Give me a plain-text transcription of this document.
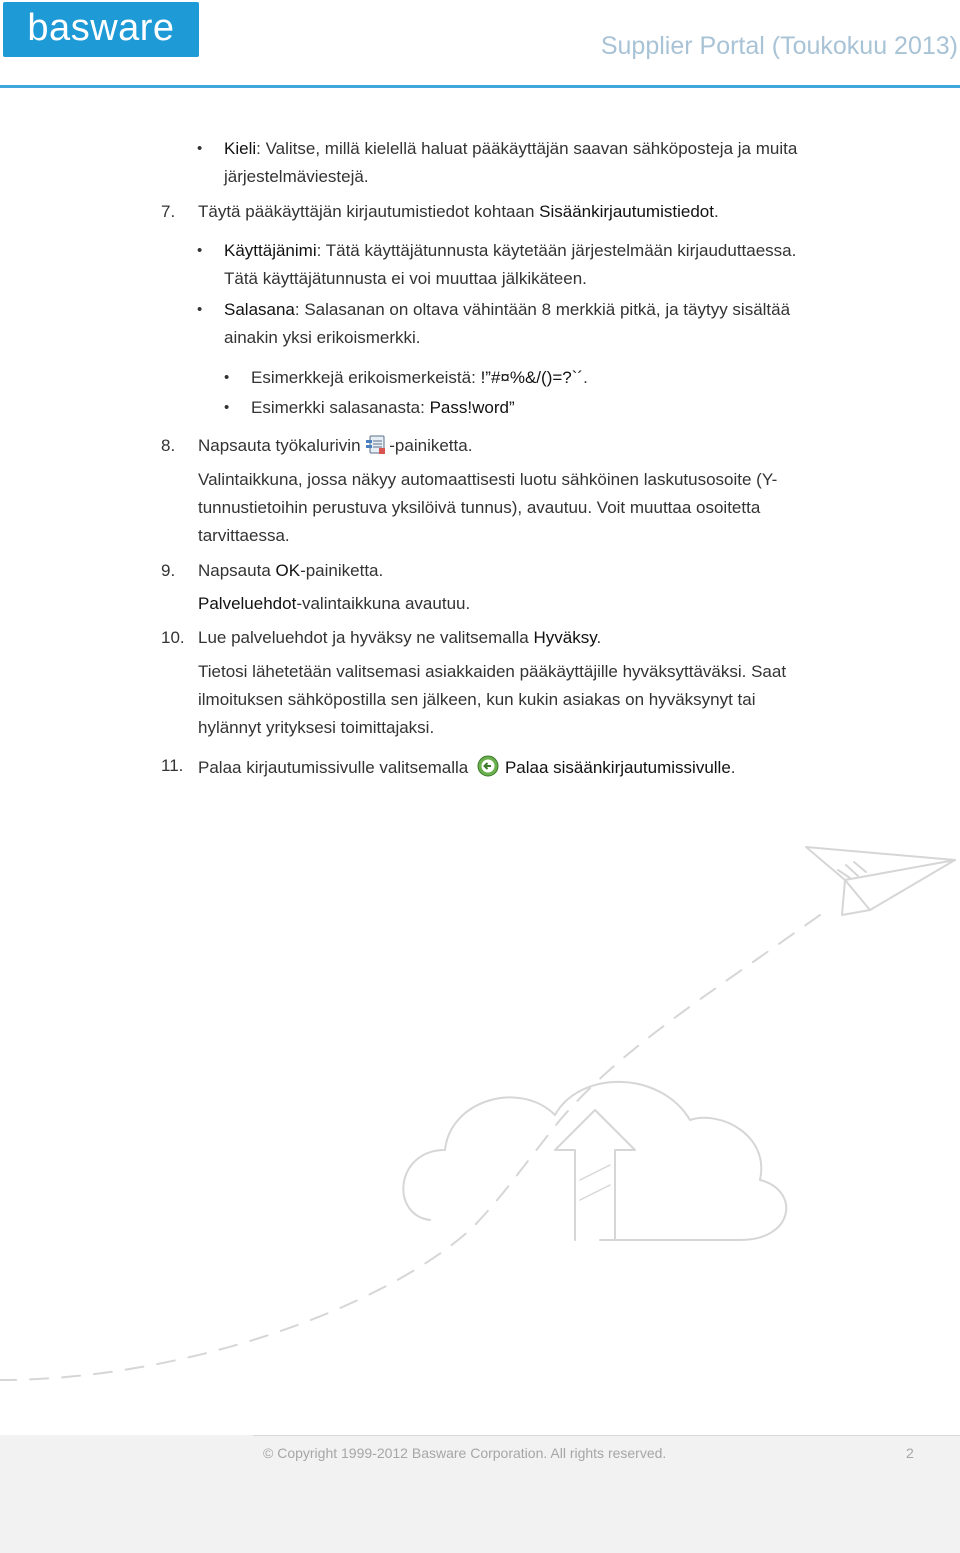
basware	Supplier Portal (Toukokuu 2013)
• Kieli: Valitse, millä kielellä haluat pääkäyttäjän saavan sähköposteja ja muita
järjestelmäviestejä.
7. Täytä pääkäyttäjän kirjautumistiedot kohtaan Sisäänkirjautumistiedot.
• Käyttäjänimi: Tätä käyttäjätunnusta käytetään järjestelmään kirjauduttaessa.
Tätä käyttäjätunnusta ei voi muuttaa jälkikäteen.
• Salasana: Salasanan on oltava vähintään 8 merkkiä pitkä, ja täytyy sisältää
ainakin yksi erikoismerkki.
• Esimerkkejä erikoismerkeistä: !”#¤%&/()=?`´.
• Esimerkki salasanasta: Pass!word”
8. Napsauta työkalurivin -painiketta.
Valintaikkuna, jossa näkyy automaattisesti luotu sähköinen laskutusosoite (Y-
tunnustietoihin perustuva yksilöivä tunnus), avautuu. Voit muuttaa osoitetta
tarvittaessa.
9. Napsauta OK-painiketta.
Palveluehdot-valintaikkuna avautuu.
10. Lue palveluehdot ja hyväksy ne valitsemalla Hyväksy.
Tietosi lähetetään valitsemasi asiakkaiden pääkäyttäjille hyväksyttäväksi. Saat
ilmoituksen sähköpostilla sen jälkeen, kun kukin asiakas on hyväksynyt tai
hylännyt yrityksesi toimittajaksi.
11. Palaa kirjautumissivulle valitsemalla Palaa sisäänkirjautumissivulle.
© Copyright 1999-2012 Basware Corporation. All rights reserved.	2
